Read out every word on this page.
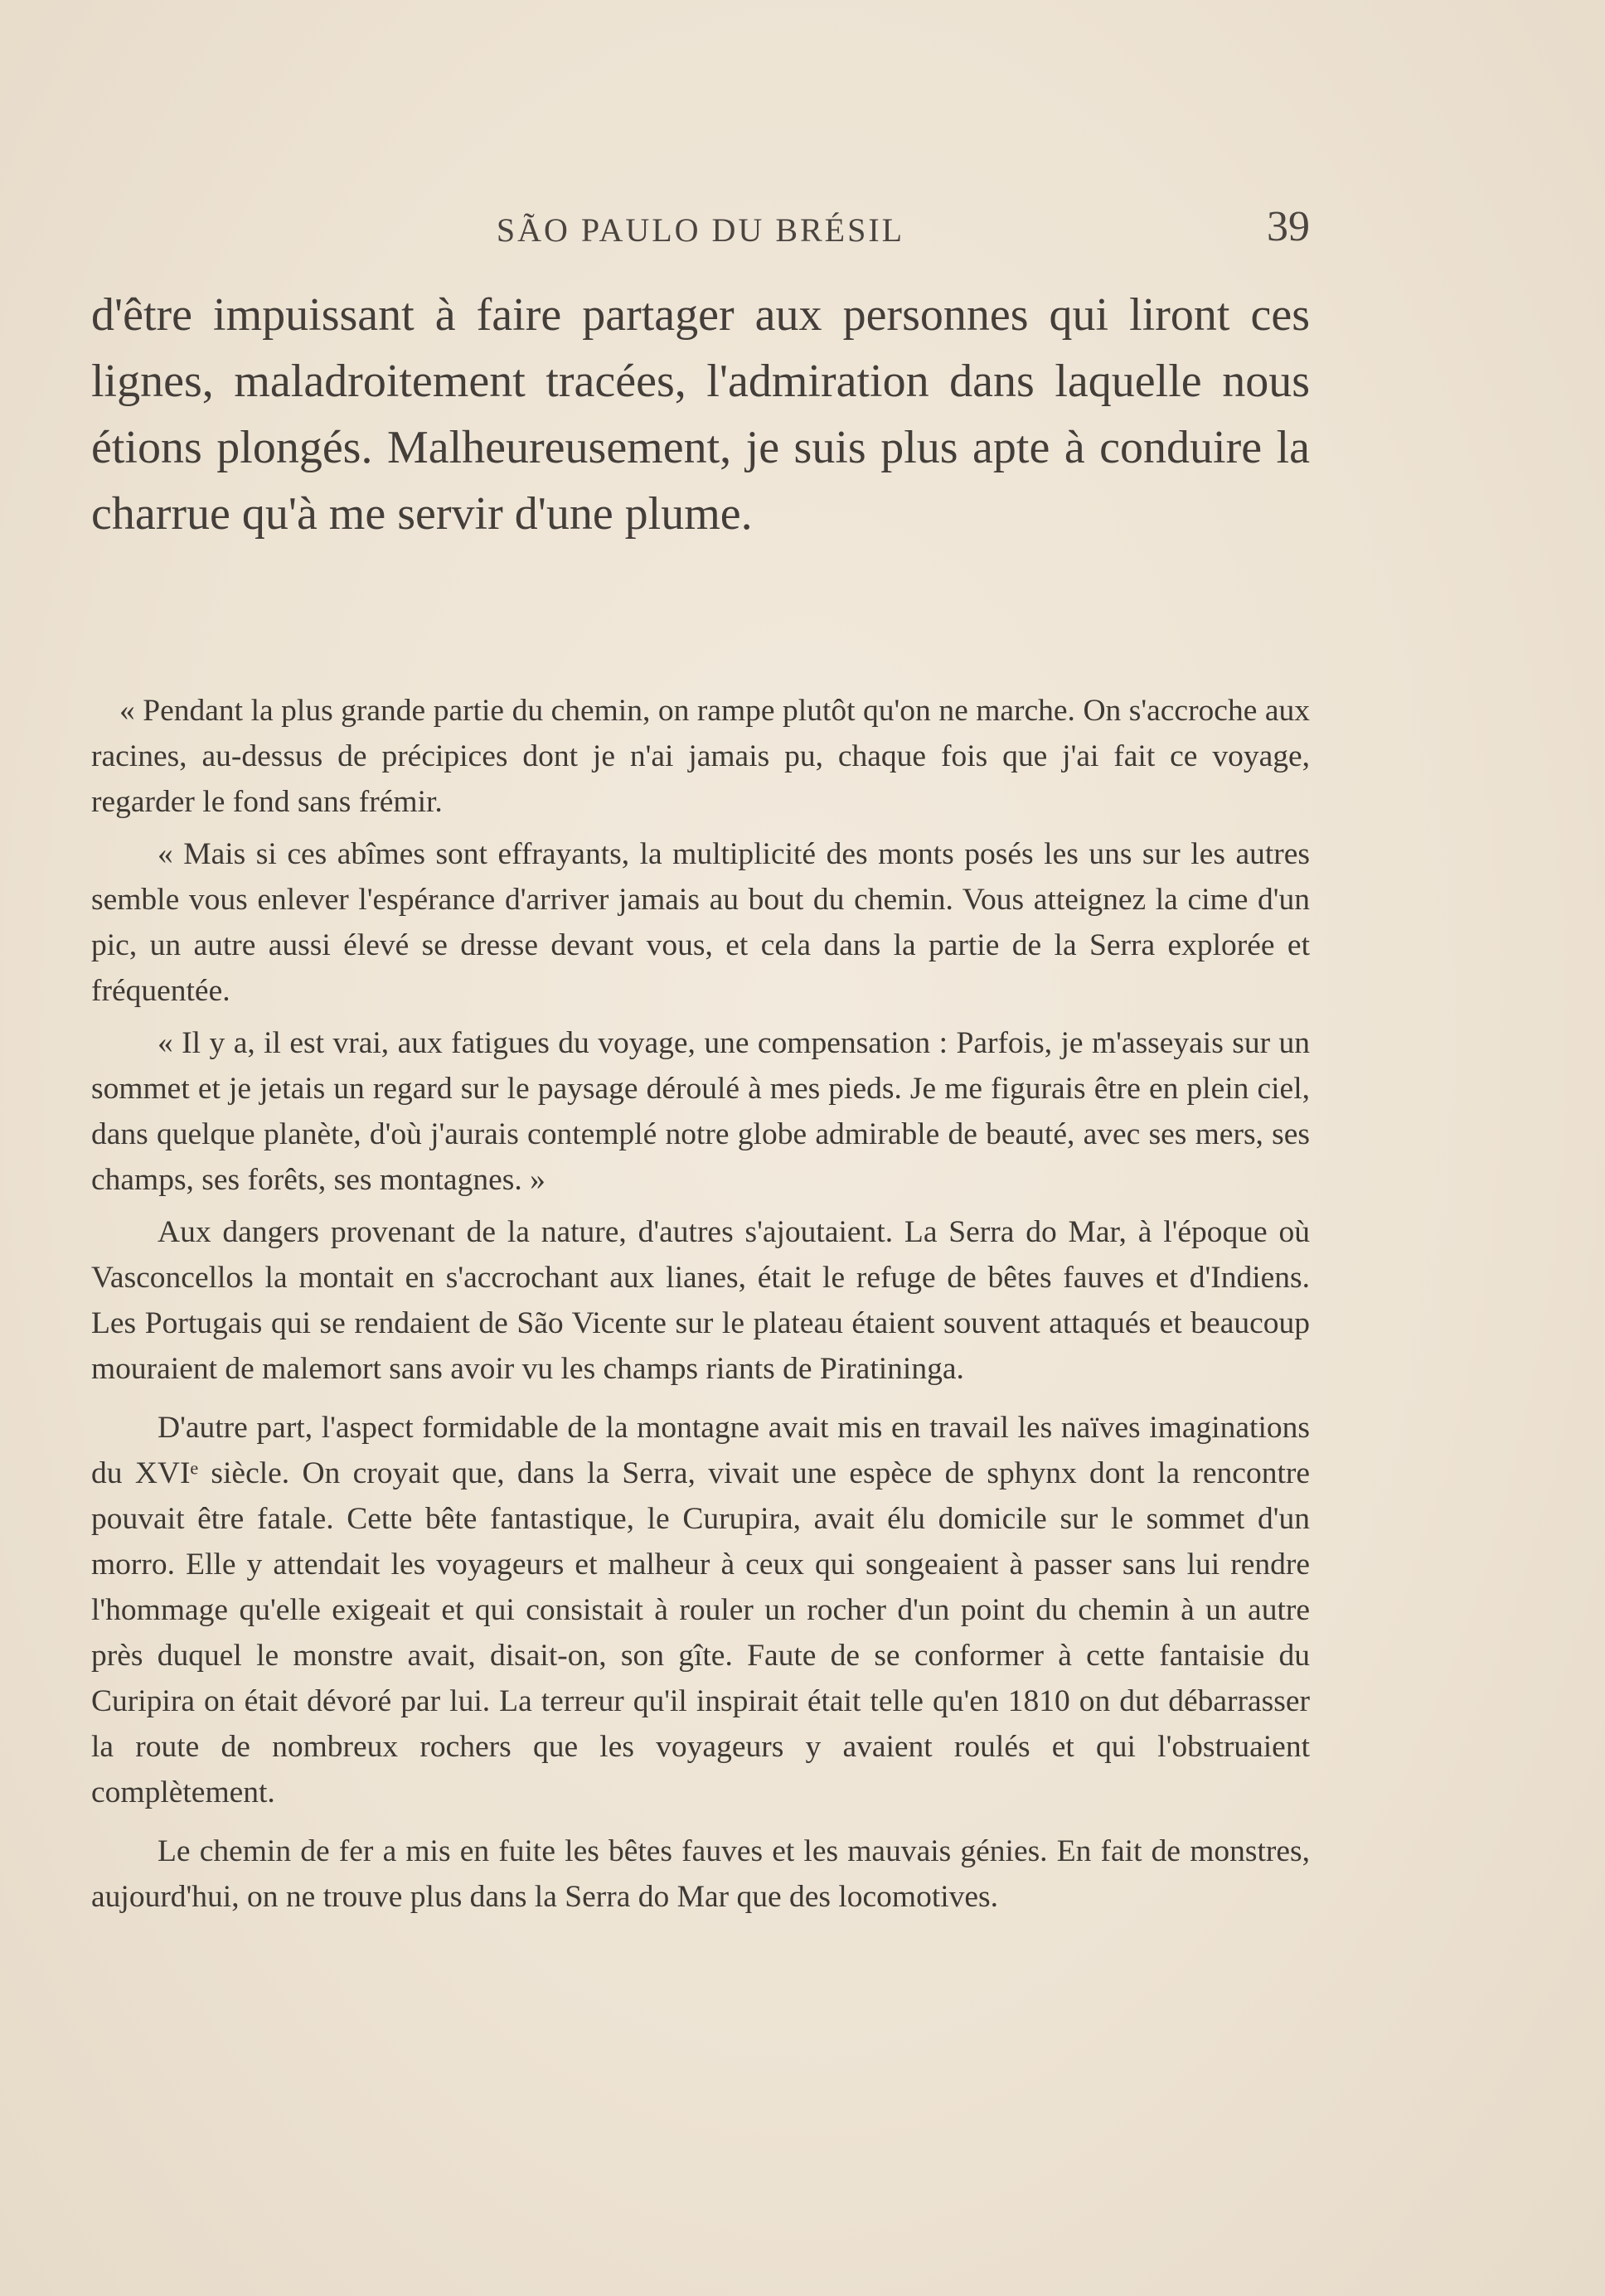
SÃO PAULO DU BRÉSIL	39

d'être impuissant à faire partager aux personnes qui liront ces lignes, maladroitement tracées, l'admiration dans laquelle nous étions plongés. Malheureusement, je suis plus apte à conduire la charrue qu'à me servir d'une plume.

« Pendant la plus grande partie du chemin, on rampe plutôt qu'on ne marche. On s'accroche aux racines, au-dessus de précipices dont je n'ai jamais pu, chaque fois que j'ai fait ce voyage, regarder le fond sans frémir.

« Mais si ces abîmes sont effrayants, la multiplicité des monts posés les uns sur les autres semble vous enlever l'espérance d'arriver jamais au bout du chemin. Vous atteignez la cime d'un pic, un autre aussi élevé se dresse devant vous, et cela dans la partie de la Serra explorée et fréquentée.

« Il y a, il est vrai, aux fatigues du voyage, une compensation : Parfois, je m'asseyais sur un sommet et je jetais un regard sur le paysage déroulé à mes pieds. Je me figurais être en plein ciel, dans quelque planète, d'où j'aurais contemplé notre globe admirable de beauté, avec ses mers, ses champs, ses forêts, ses montagnes. »

Aux dangers provenant de la nature, d'autres s'ajoutaient. La Serra do Mar, à l'époque où Vasconcellos la montait en s'accrochant aux lianes, était le refuge de bêtes fauves et d'Indiens. Les Portugais qui se rendaient de São Vicente sur le plateau étaient souvent attaqués et beaucoup mouraient de malemort sans avoir vu les champs riants de Piratininga.

D'autre part, l'aspect formidable de la montagne avait mis en travail les naïves imaginations du XVIᵉ siècle. On croyait que, dans la Serra, vivait une espèce de sphynx dont la rencontre pouvait être fatale. Cette bête fantastique, le Curupira, avait élu domicile sur le sommet d'un morro. Elle y attendait les voyageurs et malheur à ceux qui songeaient à passer sans lui rendre l'hommage qu'elle exigeait et qui consistait à rouler un rocher d'un point du chemin à un autre près duquel le monstre avait, disait-on, son gîte. Faute de se conformer à cette fantaisie du Curipira on était dévoré par lui. La terreur qu'il inspirait était telle qu'en 1810 on dut débarrasser la route de nombreux rochers que les voyageurs y avaient roulés et qui l'obstruaient complètement.

Le chemin de fer a mis en fuite les bêtes fauves et les mauvais génies. En fait de monstres, aujourd'hui, on ne trouve plus dans la Serra do Mar que des locomotives.
